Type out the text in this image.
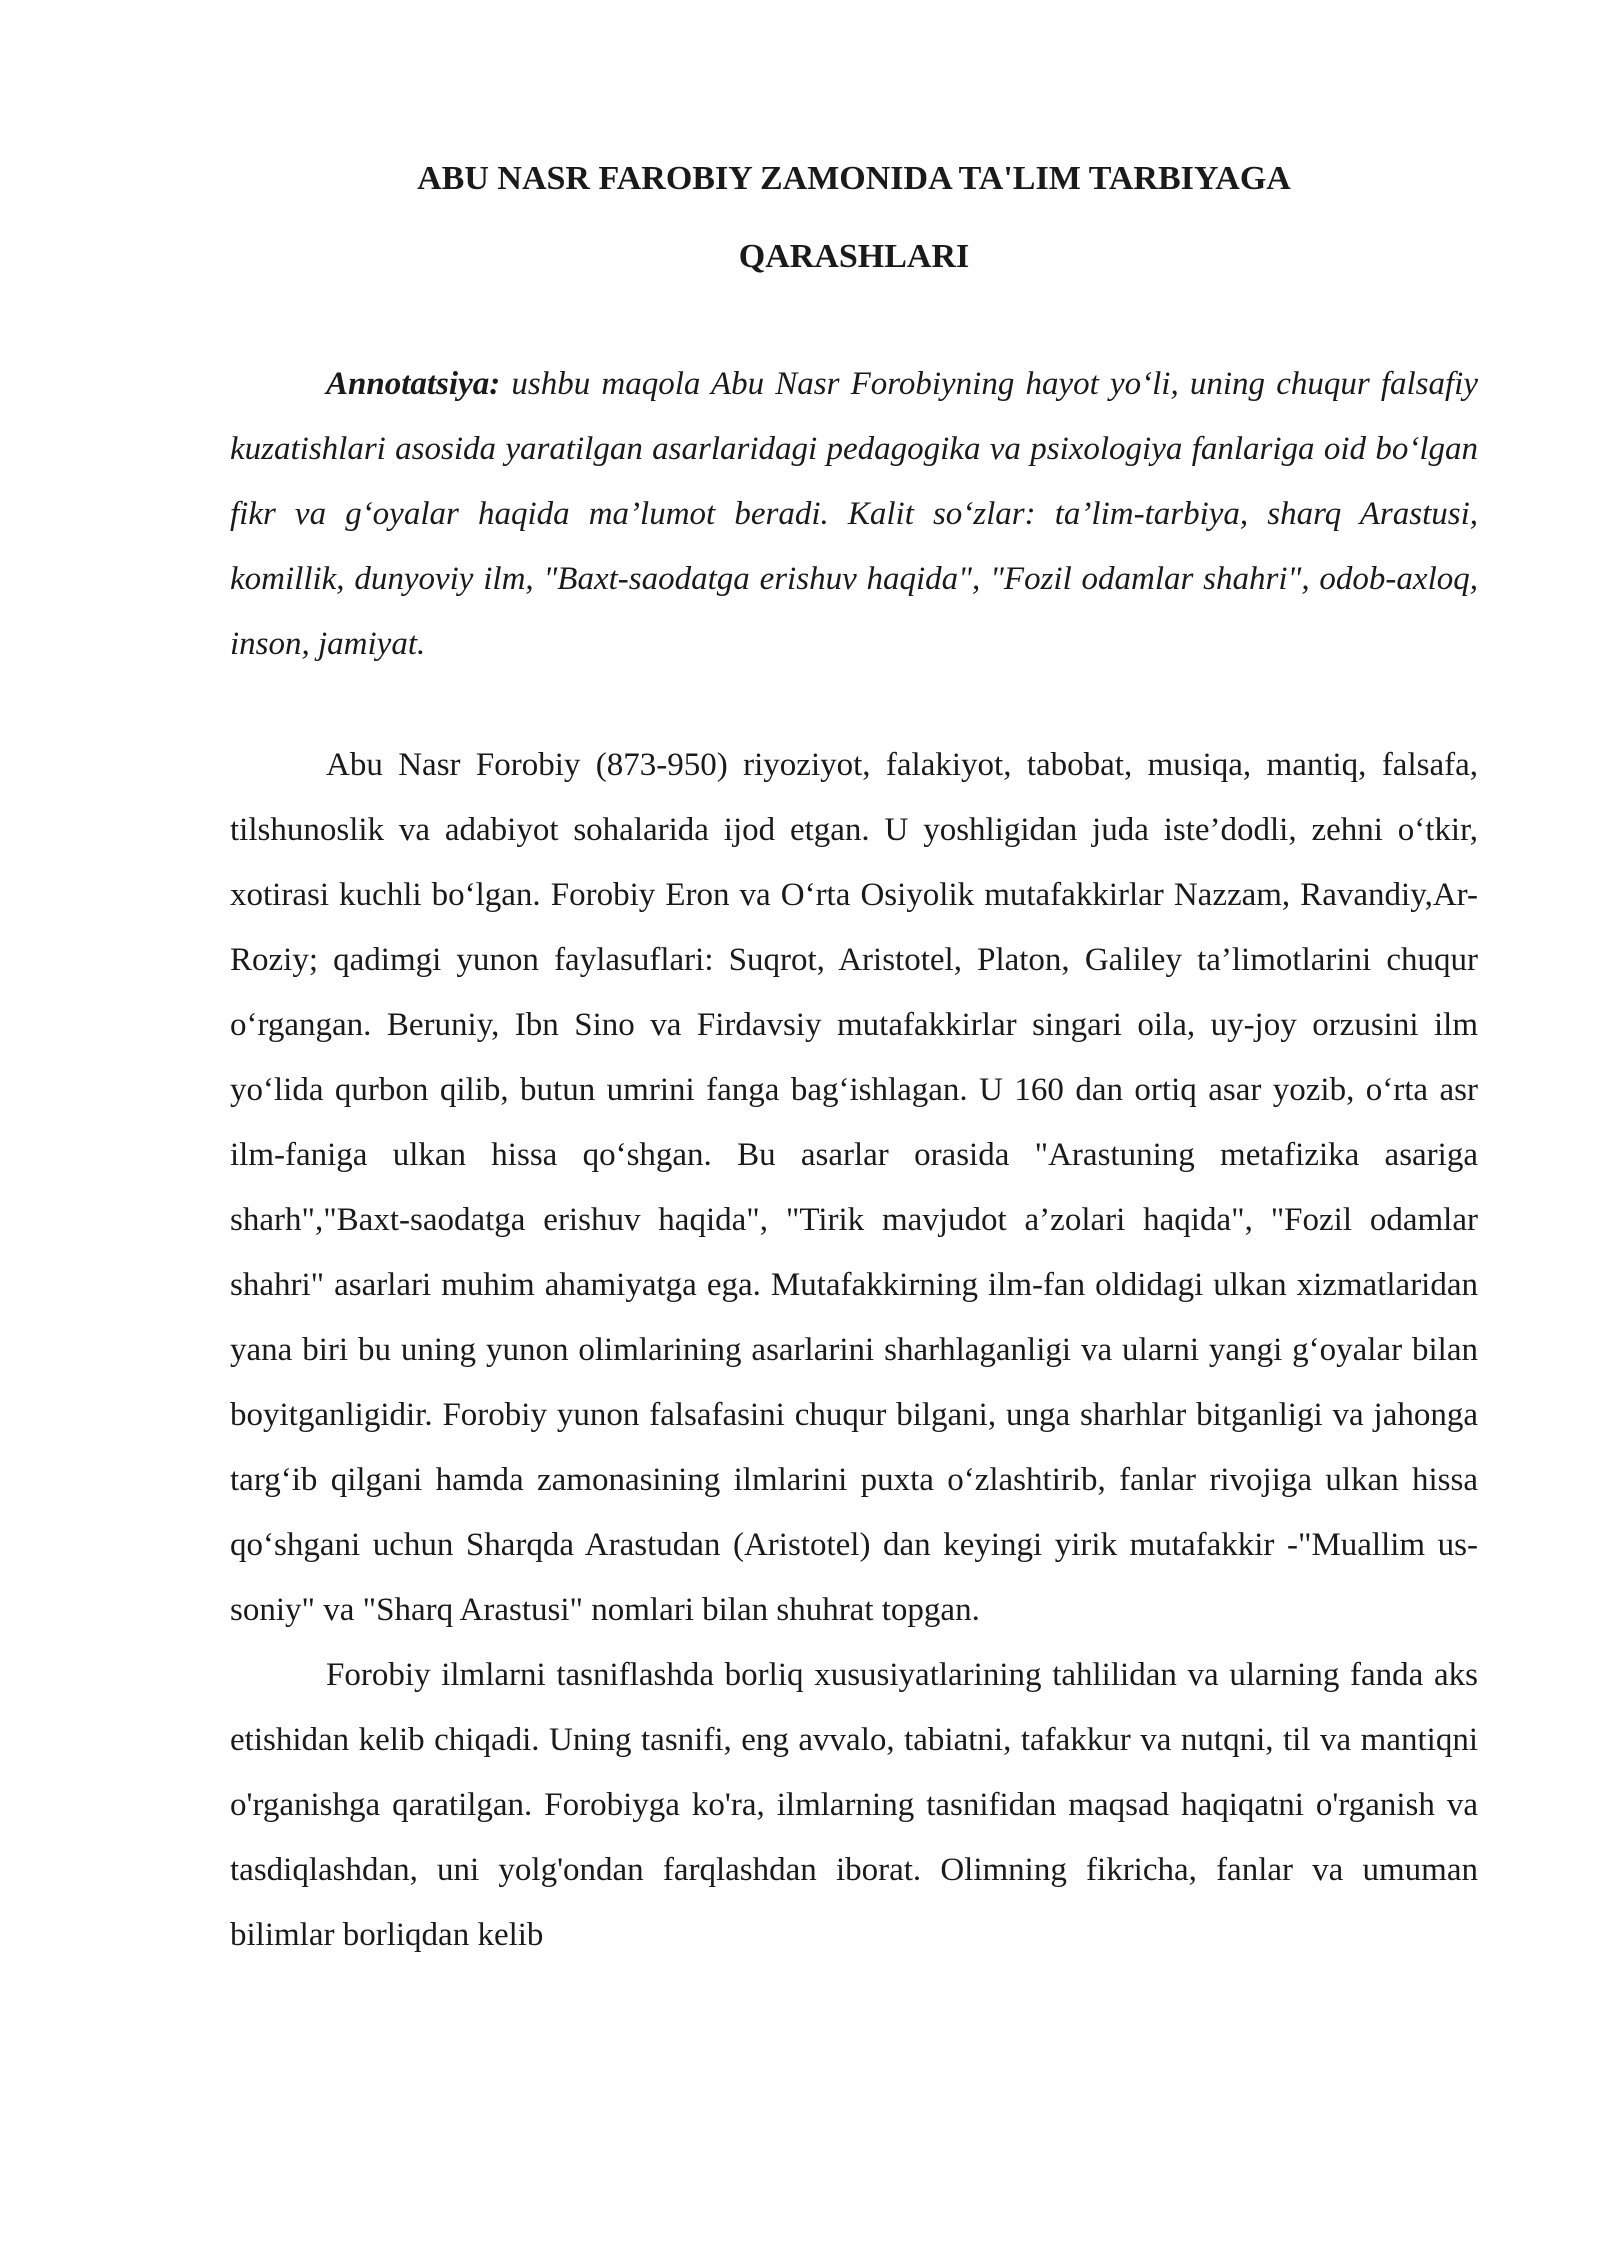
ABU NASR FAROBIY ZAMONIDA TA'LIM TARBIYAGA
QARASHLARI

Annotatsiya: ushbu maqola Abu Nasr Forobiyning hayot yo‘li, uning chuqur falsafiy kuzatishlari asosida yaratilgan asarlaridagi pedagogika va psixologiya fanlariga oid bo‘lgan fikr va g‘oyalar haqida ma’lumot beradi. Kalit so‘zlar: ta’lim-tarbiya, sharq Arastusi, komillik, dunyoviy ilm, "Baxt-saodatga erishuv haqida", "Fozil odamlar shahri", odob-axloq, inson, jamiyat.

Abu Nasr Forobiy (873-950) riyoziyot, falakiyot, tabobat, musiqa, mantiq, falsafa, tilshunoslik va adabiyot sohalarida ijod etgan. U yoshligidan juda iste’dodli, zehni o‘tkir, xotirasi kuchli bo‘lgan. Forobiy Eron va O‘rta Osiyolik mutafakkirlar Nazzam, Ravandiy,Ar-Roziy; qadimgi yunon faylasuflari: Suqrot, Aristotel, Platon, Galiley ta’limotlarini chuqur o‘rgangan. Beruniy, Ibn Sino va Firdavsiy mutafakkirlar singari oila, uy-joy orzusini ilm yo‘lida qurbon qilib, butun umrini fanga bag‘ishlagan. U 160 dan ortiq asar yozib, o‘rta asr ilm-faniga ulkan hissa qo‘shgan. Bu asarlar orasida "Arastuning metafizika asariga sharh","Baxt-saodatga erishuv haqida", "Tirik mavjudot a’zolari haqida", "Fozil odamlar shahri" asarlari muhim ahamiyatga ega. Mutafakkirning ilm-fan oldidagi ulkan xizmatlaridan yana biri bu uning yunon olimlarining asarlarini sharhlaganligi va ularni yangi g‘oyalar bilan boyitganligidir. Forobiy yunon falsafasini chuqur bilgani, unga sharhlar bitganligi va jahonga targ‘ib qilgani hamda zamonasining ilmlarini puxta o‘zlashtirib, fanlar rivojiga ulkan hissa qo‘shgani uchun Sharqda Arastudan (Aristotel) dan keyingi yirik mutafakkir -"Muallim us-soniy" va "Sharq Arastusi" nomlari bilan shuhrat topgan.

Forobiy ilmlarni tasniflashda borliq xususiyatlarining tahlilidan va ularning fanda aks etishidan kelib chiqadi. Uning tasnifi, eng avvalo, tabiatni, tafakkur va nutqni, til va mantiqni o'rganishga qaratilgan. Forobiyga ko'ra, ilmlarning tasnifidan maqsad haqiqatni o'rganish va tasdiqlashdan, uni yolg'ondan farqlashdan iborat. Olimning fikricha, fanlar va umuman bilimlar borliqdan kelib
